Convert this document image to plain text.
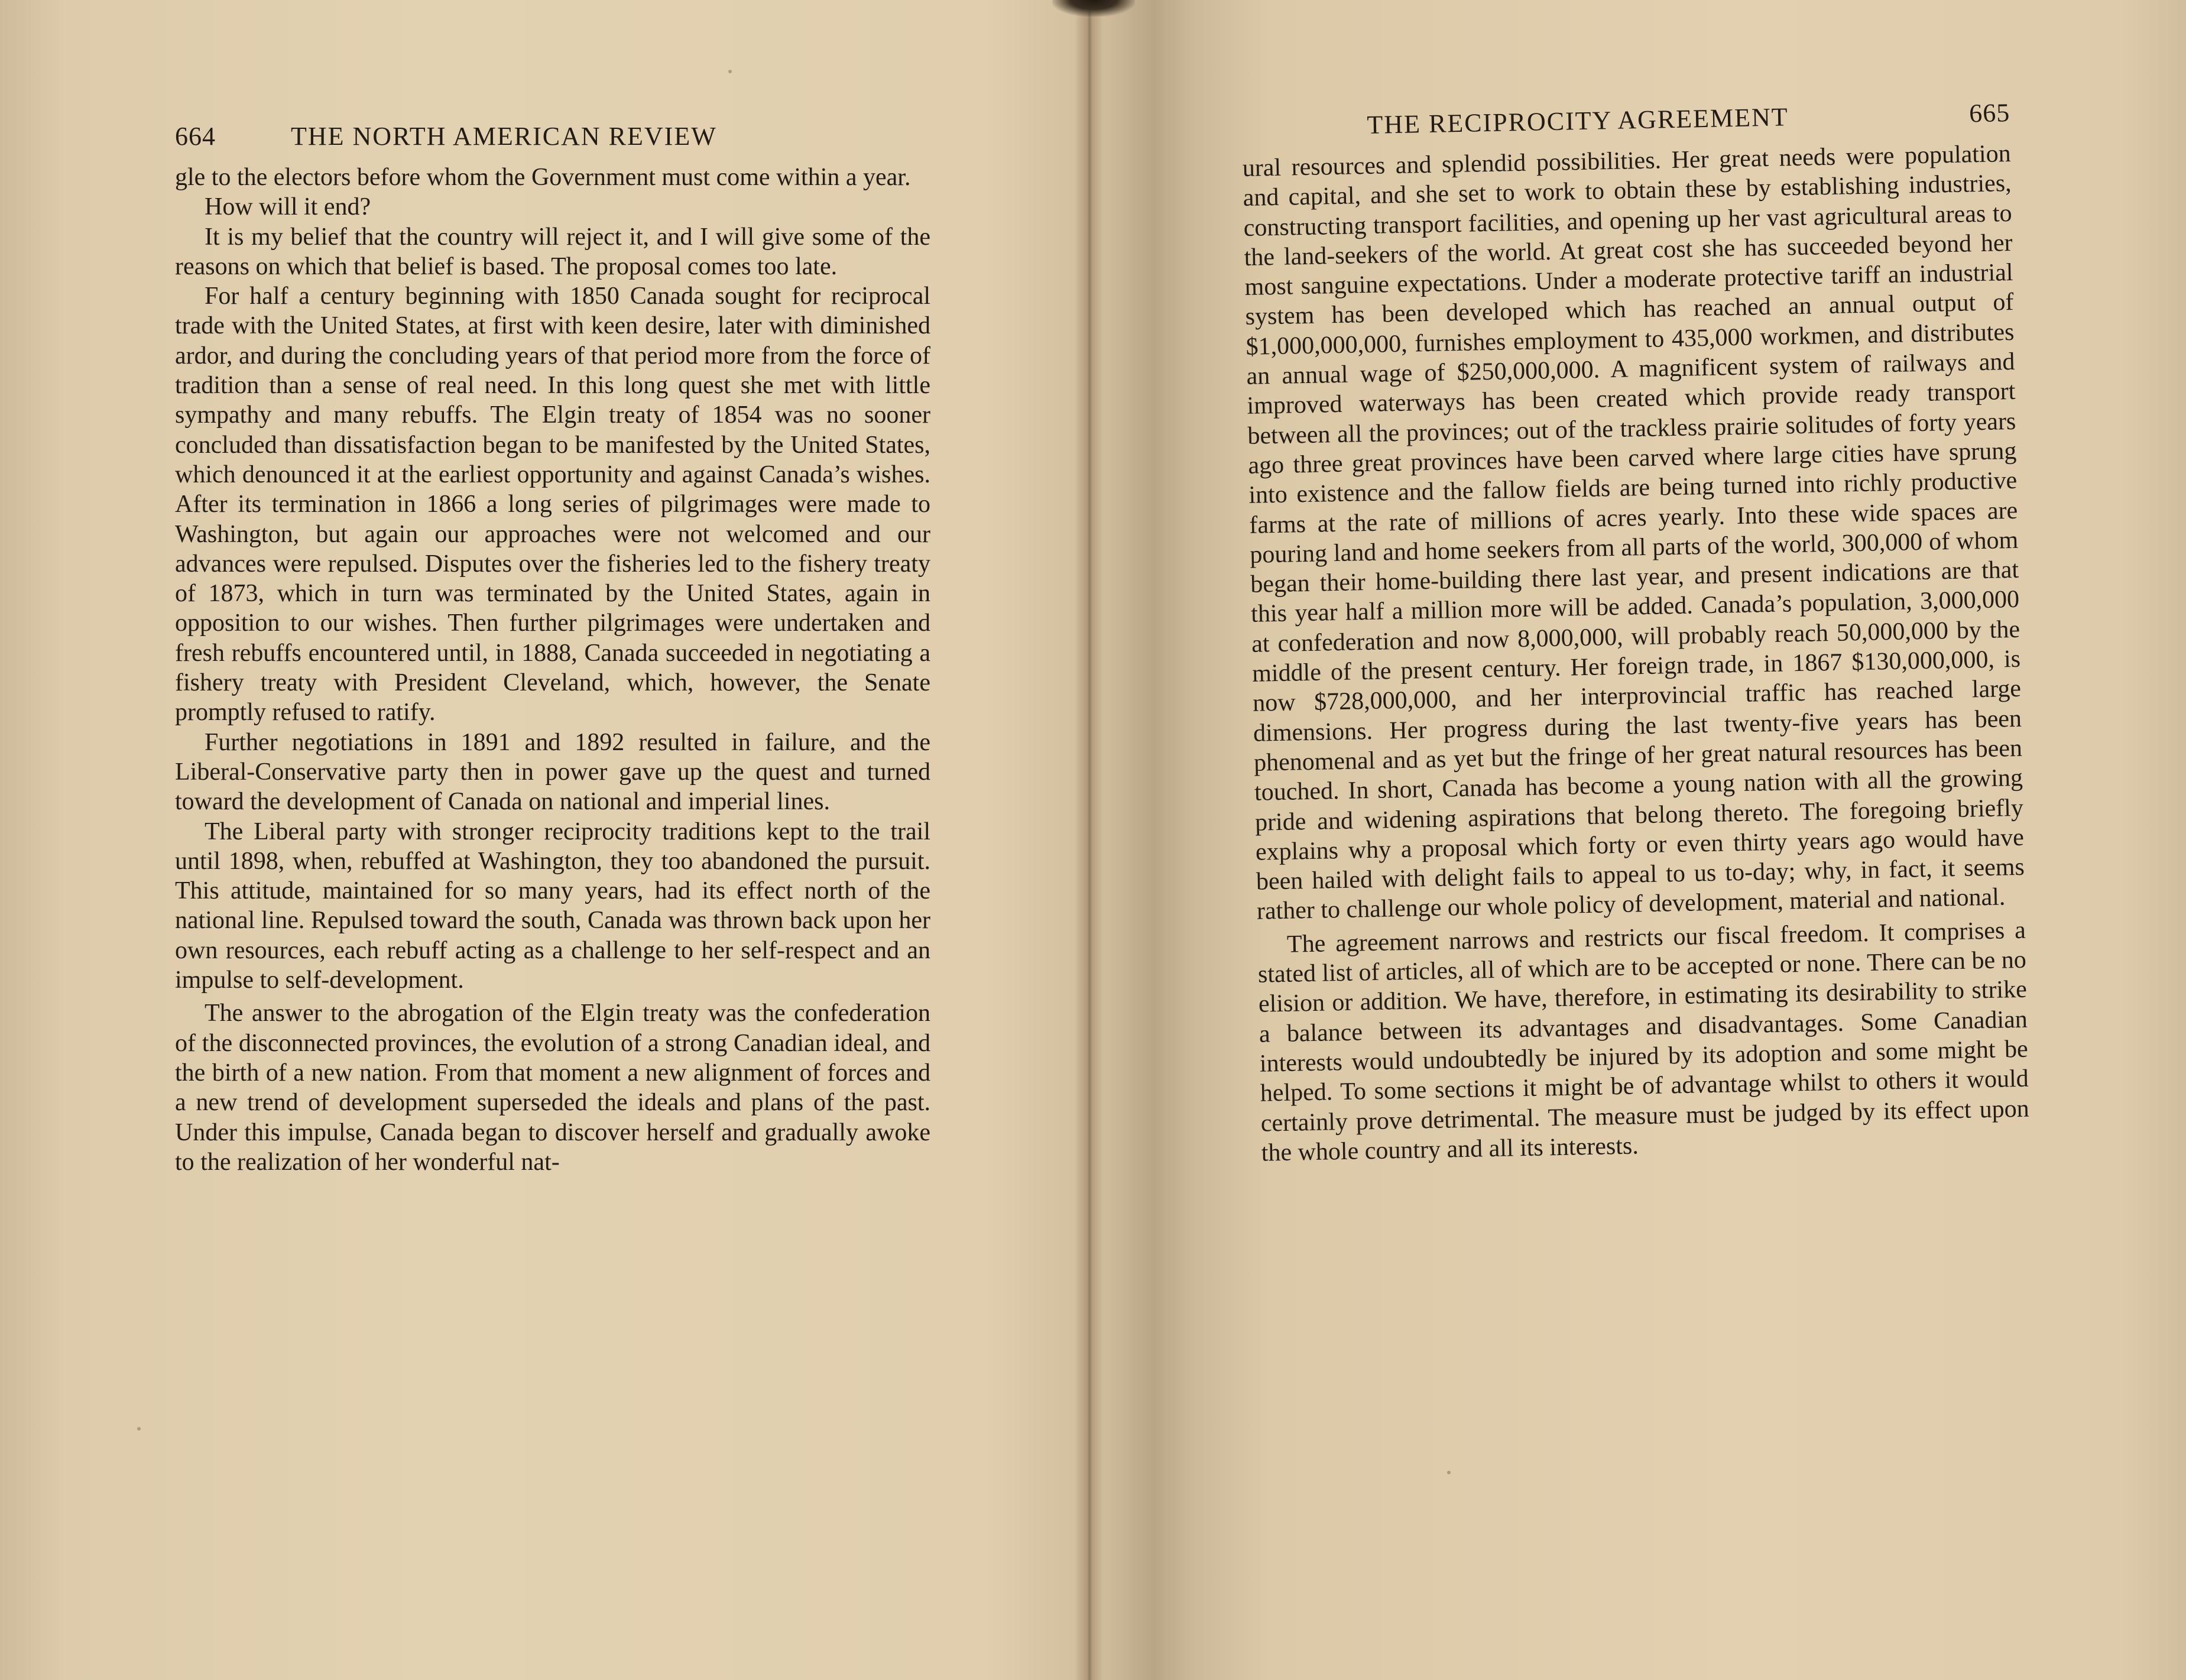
664	THE NORTH AMERICAN REVIEW

gle to the electors before whom the Government must come within a year.

How will it end?

It is my belief that the country will reject it, and I will give some of the reasons on which that belief is based. The proposal comes too late.

For half a century beginning with 1850 Canada sought for reciprocal trade with the United States, at first with keen desire, later with diminished ardor, and during the concluding years of that period more from the force of tradition than a sense of real need. In this long quest she met with little sympathy and many rebuffs. The Elgin treaty of 1854 was no sooner concluded than dissatisfaction began to be manifested by the United States, which denounced it at the earliest opportunity and against Canada’s wishes. After its termination in 1866 a long series of pilgrimages were made to Washington, but again our approaches were not welcomed and our advances were repulsed. Disputes over the fisheries led to the fishery treaty of 1873, which in turn was terminated by the United States, again in opposition to our wishes. Then further pilgrimages were undertaken and fresh rebuffs encountered until, in 1888, Canada succeeded in negotiating a fishery treaty with President Cleveland, which, however, the Senate promptly refused to ratify.

Further negotiations in 1891 and 1892 resulted in failure, and the Liberal-Conservative party then in power gave up the quest and turned toward the development of Canada on national and imperial lines.

The Liberal party with stronger reciprocity traditions kept to the trail until 1898, when, rebuffed at Washington, they too abandoned the pursuit. This attitude, maintained for so many years, had its effect north of the national line. Repulsed toward the south, Canada was thrown back upon her own resources, each rebuff acting as a challenge to her self-respect and an impulse to self-development.

The answer to the abrogation of the Elgin treaty was the confederation of the disconnected provinces, the evolution of a strong Canadian ideal, and the birth of a new nation. From that moment a new alignment of forces and a new trend of development superseded the ideals and plans of the past. Under this impulse, Canada began to discover herself and gradually awoke to the realization of her wonderful nat-

THE RECIPROCITY AGREEMENT	665

ural resources and splendid possibilities. Her great needs were population and capital, and she set to work to obtain these by establishing industries, constructing transport facilities, and opening up her vast agricultural areas to the land-seekers of the world. At great cost she has succeeded beyond her most sanguine expectations. Under a moderate protective tariff an industrial system has been developed which has reached an annual output of $1,000,000,000, furnishes employment to 435,000 workmen, and distributes an annual wage of $250,000,000. A magnificent system of railways and improved waterways has been created which provide ready transport between all the provinces; out of the trackless prairie solitudes of forty years ago three great provinces have been carved where large cities have sprung into existence and the fallow fields are being turned into richly productive farms at the rate of millions of acres yearly. Into these wide spaces are pouring land and home seekers from all parts of the world, 300,000 of whom began their home-building there last year, and present indications are that this year half a million more will be added. Canada’s population, 3,000,000 at confederation and now 8,000,000, will probably reach 50,000,000 by the middle of the present century. Her foreign trade, in 1867 $130,000,000, is now $728,000,000, and her interprovincial traffic has reached large dimensions. Her progress during the last twenty-five years has been phenomenal and as yet but the fringe of her great natural resources has been touched. In short, Canada has become a young nation with all the growing pride and widening aspirations that belong thereto. The foregoing briefly explains why a proposal which forty or even thirty years ago would have been hailed with delight fails to appeal to us to-day; why, in fact, it seems rather to challenge our whole policy of development, material and national.

The agreement narrows and restricts our fiscal freedom. It comprises a stated list of articles, all of which are to be accepted or none. There can be no elision or addition. We have, therefore, in estimating its desirability to strike a balance between its advantages and disadvantages. Some Canadian interests would undoubtedly be injured by its adoption and some might be helped. To some sections it might be of advantage whilst to others it would certainly prove detrimental. The measure must be judged by its effect upon the whole country and all its interests.
